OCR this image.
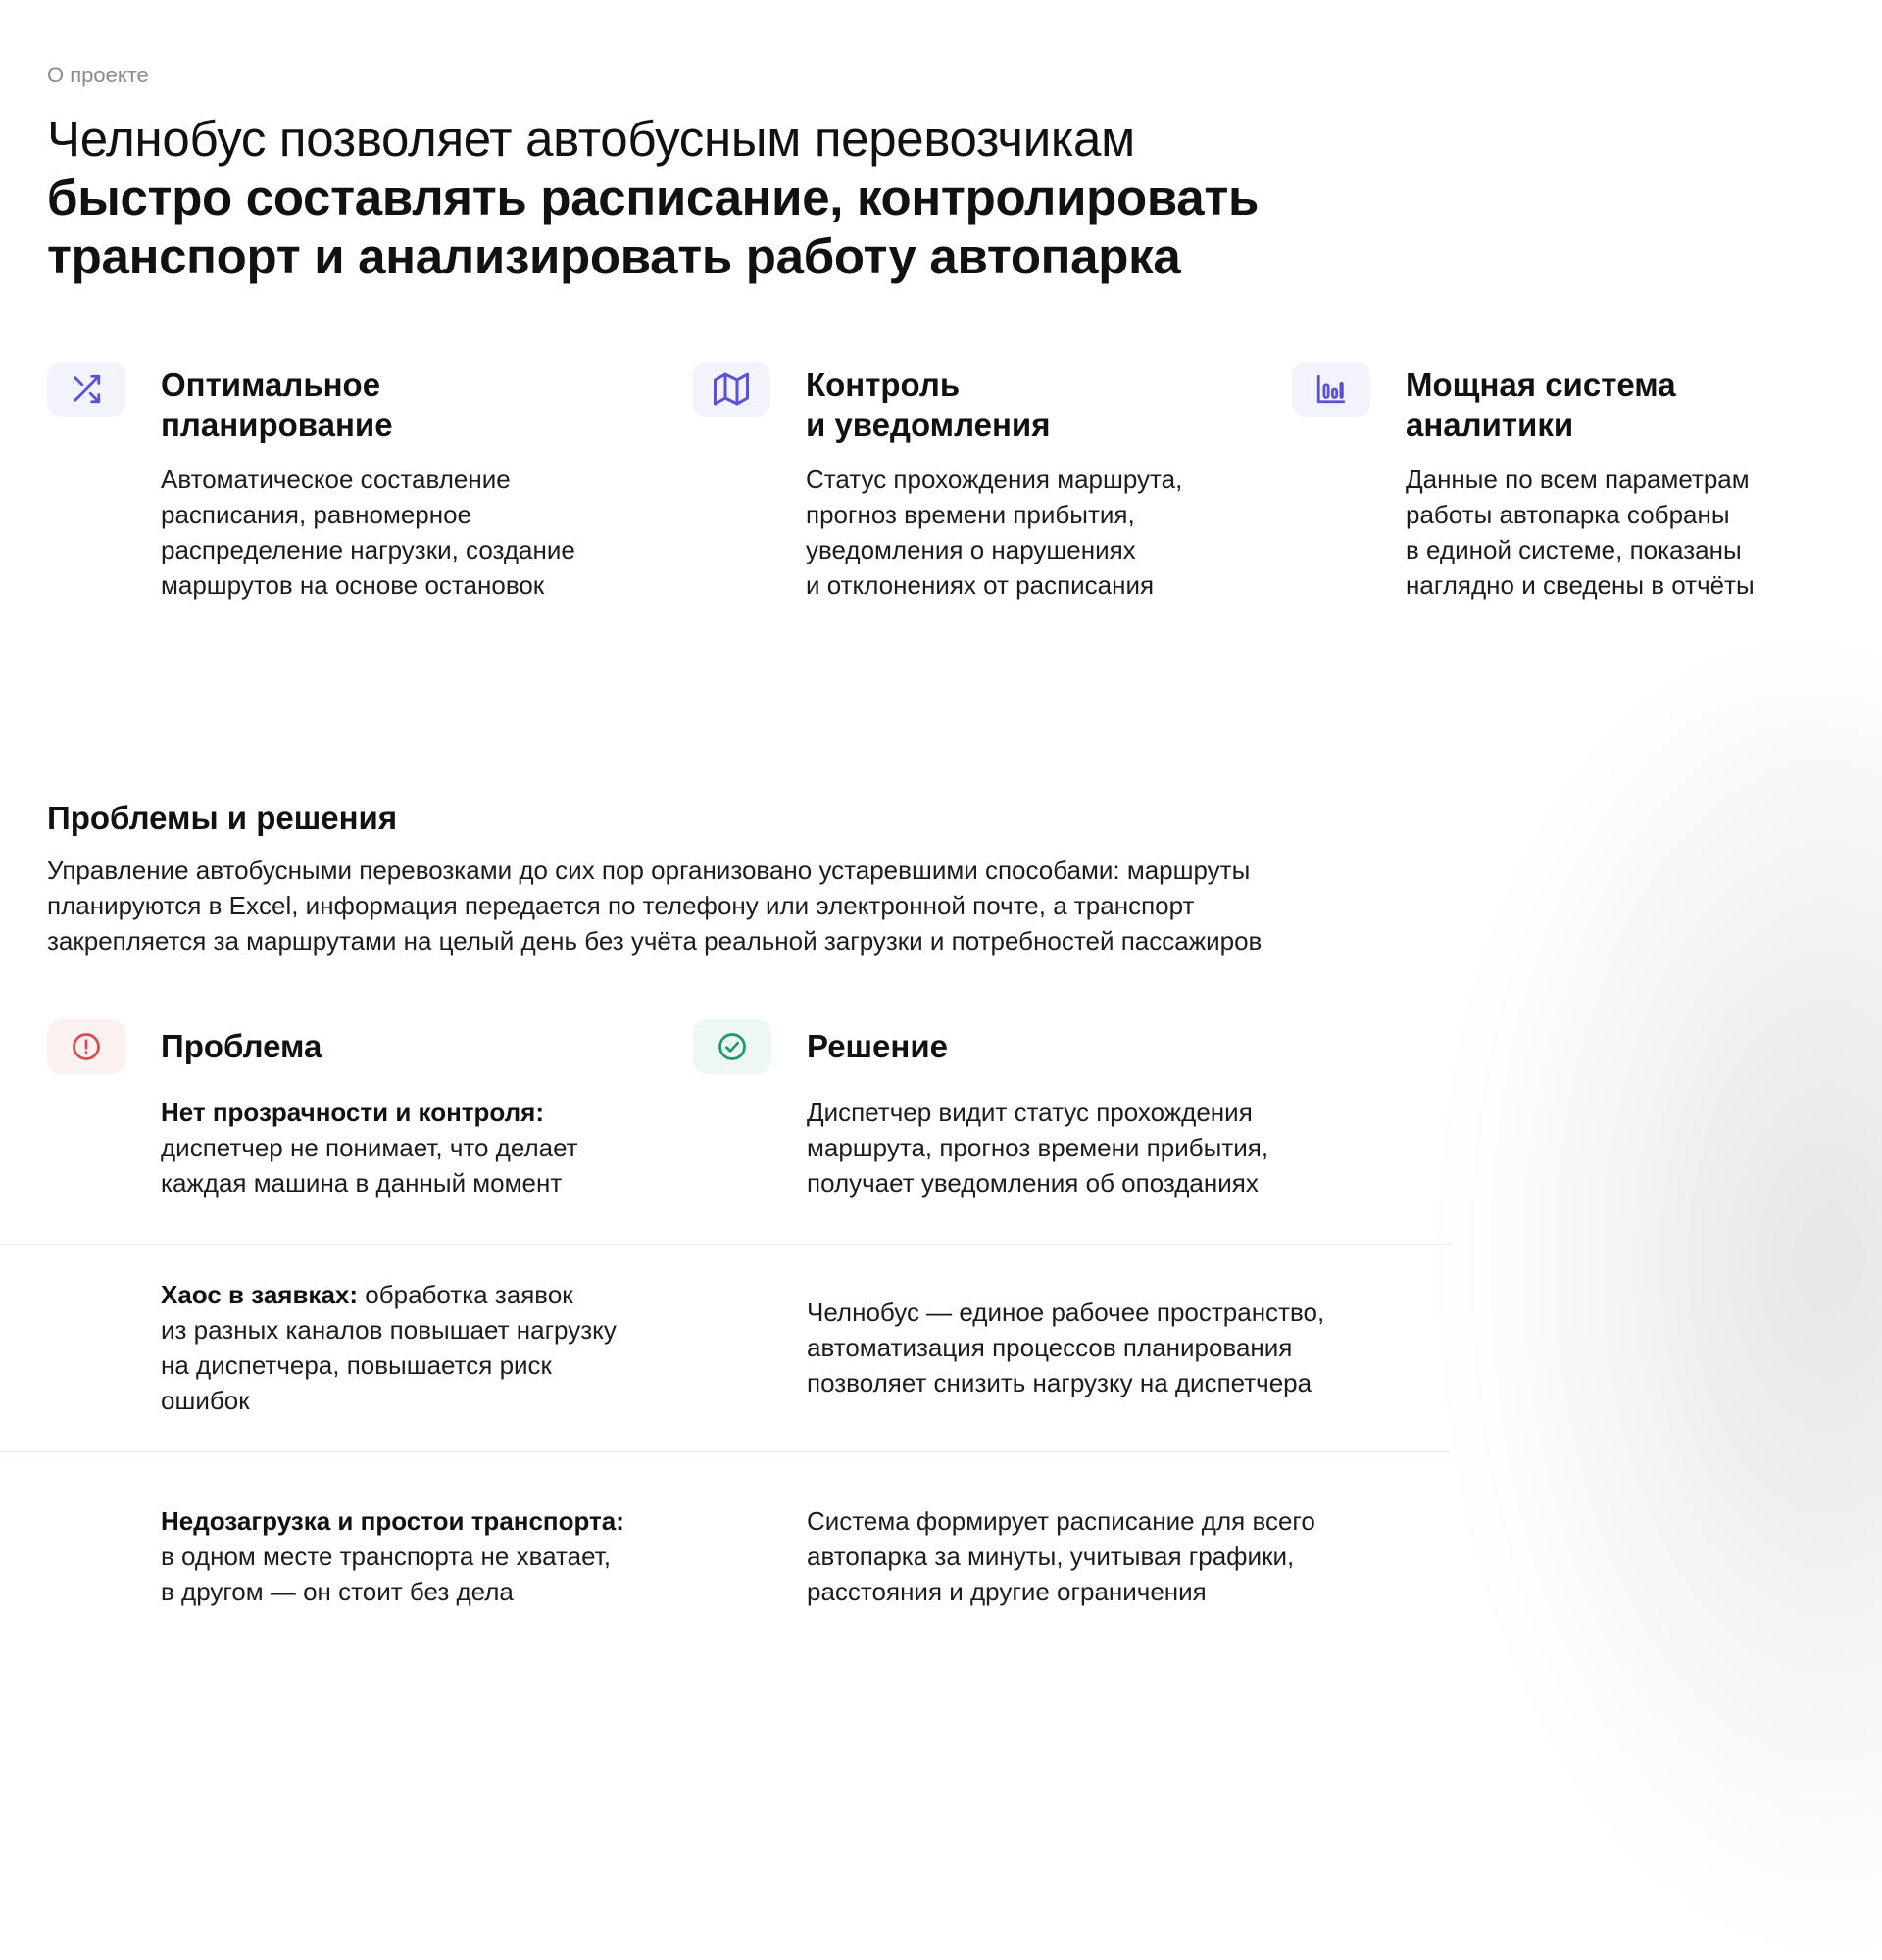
О проекте
Челнобус позволяет автобусным перевозчикам
быстро составлять расписание, контролировать
транспорт и анализировать работу автопарка
Оптимальное
планирование
Автоматическое составление
расписания, равномерное
распределение нагрузки, создание
маршрутов на основе остановок
Контроль
и уведомления
Статус прохождения маршрута,
прогноз времени прибытия,
уведомления о нарушениях
и отклонениях от расписания
Мощная система
аналитики
Данные по всем параметрам
работы автопарка собраны
в единой системе, показаны
наглядно и сведены в отчёты
Проблемы и решения
Управление автобусными перевозками до сих пор организовано устаревшими способами: маршруты
планируются в Excel, информация передается по телефону или электронной почте, а транспорт
закрепляется за маршрутами на целый день без учёта реальной загрузки и потребностей пассажиров
Проблема	Решение
Нет прозрачности и контроля:
диспетчер не понимает, что делает
каждая машина в данный момент
Диспетчер видит статус прохождения
маршрута, прогноз времени прибытия,
получает уведомления об опозданиях
Хаос в заявках: обработка заявок
из разных каналов повышает нагрузку
на диспетчера, повышается риск
ошибок
Челнобус — единое рабочее пространство,
автоматизация процессов планирования
позволяет снизить нагрузку на диспетчера
Недозагрузка и простои транспорта:
в одном месте транспорта не хватает,
в другом — он стоит без дела
Система формирует расписание для всего
автопарка за минуты, учитывая графики,
расстояния и другие ограничения
